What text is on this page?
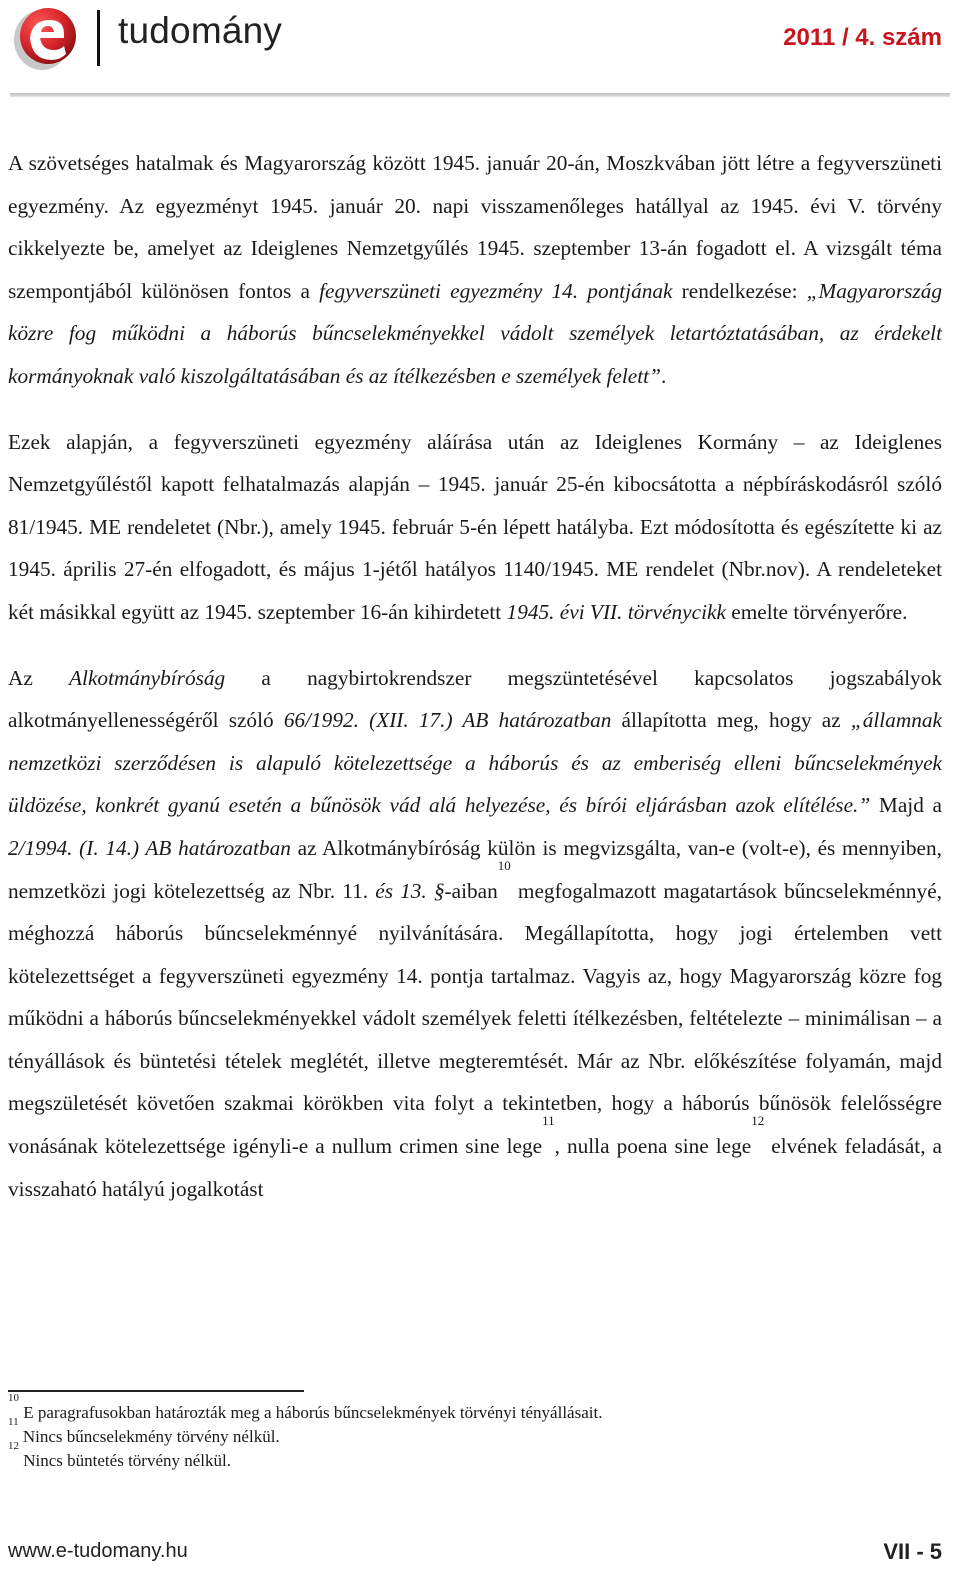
tudomány	2011 / 4. szám

A szövetséges hatalmak és Magyarország között 1945. január 20-án, Moszkvában jött létre a fegyverszüneti egyezmény. Az egyezményt 1945. január 20. napi visszamenőleges hatállyal az 1945. évi V. törvény cikkelyezte be, amelyet az Ideiglenes Nemzetgyűlés 1945. szeptember 13-án fogadott el. A vizsgált téma szempontjából különösen fontos a fegyverszüneti egyezmény 14. pontjának rendelkezése: „Magyarország közre fog működni a háborús bűncselekményekkel vádolt személyek letartóztatásában, az érdekelt kormányoknak való kiszolgáltatásában és az ítélkezésben e személyek felett”.

Ezek alapján, a fegyverszüneti egyezmény aláírása után az Ideiglenes Kormány – az Ideiglenes Nemzetgyűléstől kapott felhatalmazás alapján – 1945. január 25-én kibocsátotta a népbíráskodásról szóló 81/1945. ME rendeletet (Nbr.), amely 1945. február 5-én lépett hatályba. Ezt módosította és egészítette ki az 1945. április 27-én elfogadott, és május 1-jétől hatályos 1140/1945. ME rendelet (Nbr.nov). A rendeleteket két másikkal együtt az 1945. szeptember 16-án kihirdetett 1945. évi VII. törvénycikk emelte törvényerőre.

Az Alkotmánybíróság a nagybirtokrendszer megszüntetésével kapcsolatos jogszabályok alkotmányellenességéről szóló 66/1992. (XII. 17.) AB határozatban állapította meg, hogy az „államnak nemzetközi szerződésen is alapuló kötelezettsége a háborús és az emberiség elleni bűncselekmények üldözése, konkrét gyanú esetén a bűnösök vád alá helyezése, és bírói eljárásban azok elítélése.” Majd a 2/1994. (I. 14.) AB határozatban az Alkotmánybíróság külön is megvizsgálta, van-e (volt-e), és mennyiben, nemzetközi jogi kötelezettség az Nbr. 11. és 13. §-aiban$^{10}$ megfogalmazott magatartások bűncselekménnyé, méghozzá háborús bűncselekménnyé nyilvánítására. Megállapította, hogy jogi értelemben vett kötelezettséget a fegyverszüneti egyezmény 14. pontja tartalmaz. Vagyis az, hogy Magyarország közre fog működni a háborús bűncselekményekkel vádolt személyek feletti ítélkezésben, feltételezte – minimálisan – a tényállások és büntetési tételek meglétét, illetve megteremtését. Már az Nbr. előkészítése folyamán, majd megszületését követően szakmai körökben vita folyt a tekintetben, hogy a háborús bűnösök felelősségre vonásának kötelezettsége igényli-e a nullum crimen sine lege$^{11}$, nulla poena sine lege$^{12}$ elvének feladását, a visszaható hatályú jogalkotást

$^{10}$ E paragrafusokban határozták meg a háborús bűncselekmények törvényi tényállásait.
$^{11}$ Nincs bűncselekmény törvény nélkül.
$^{12}$ Nincs büntetés törvény nélkül.
www.e-tudomany.hu	VII - 5
